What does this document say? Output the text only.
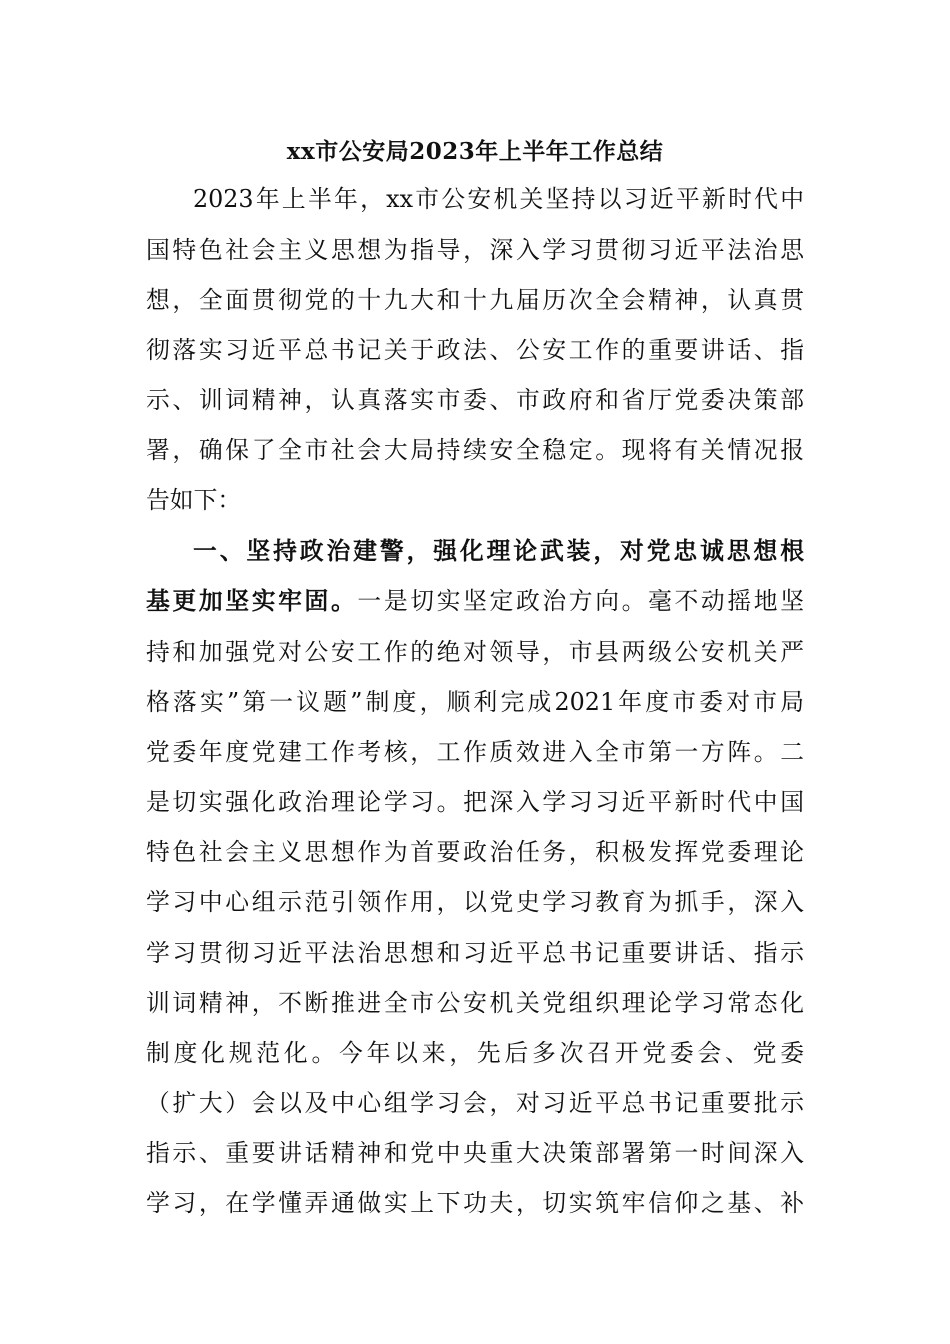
xx市公安局2023年上半年工作总结
2023年上半年，xx市公安机关坚持以习近平新时代中
国特色社会主义思想为指导，深入学习贯彻习近平法治思
想，全面贯彻党的十九大和十九届历次全会精神，认真贯
彻落实习近平总书记关于政法、公安工作的重要讲话、指
示、训词精神，认真落实市委、市政府和省厅党委决策部
署，确保了全市社会大局持续安全稳定。现将有关情况报
告如下：
一、坚持政治建警，强化理论武装，对党忠诚思想根
基更加坚实牢固。一是切实坚定政治方向。毫不动摇地坚
持和加强党对公安工作的绝对领导，市县两级公安机关严
格落实”第一议题”制度，顺利完成2021年度市委对市局
党委年度党建工作考核，工作质效进入全市第一方阵。二
是切实强化政治理论学习。把深入学习习近平新时代中国
特色社会主义思想作为首要政治任务，积极发挥党委理论
学习中心组示范引领作用，以党史学习教育为抓手，深入
学习贯彻习近平法治思想和习近平总书记重要讲话、指示
训词精神，不断推进全市公安机关党组织理论学习常态化
制度化规范化。今年以来，先后多次召开党委会、党委
（扩大）会以及中心组学习会，对习近平总书记重要批示
指示、重要讲话精神和党中央重大决策部署第一时间深入
学习，在学懂弄通做实上下功夫，切实筑牢信仰之基、补
